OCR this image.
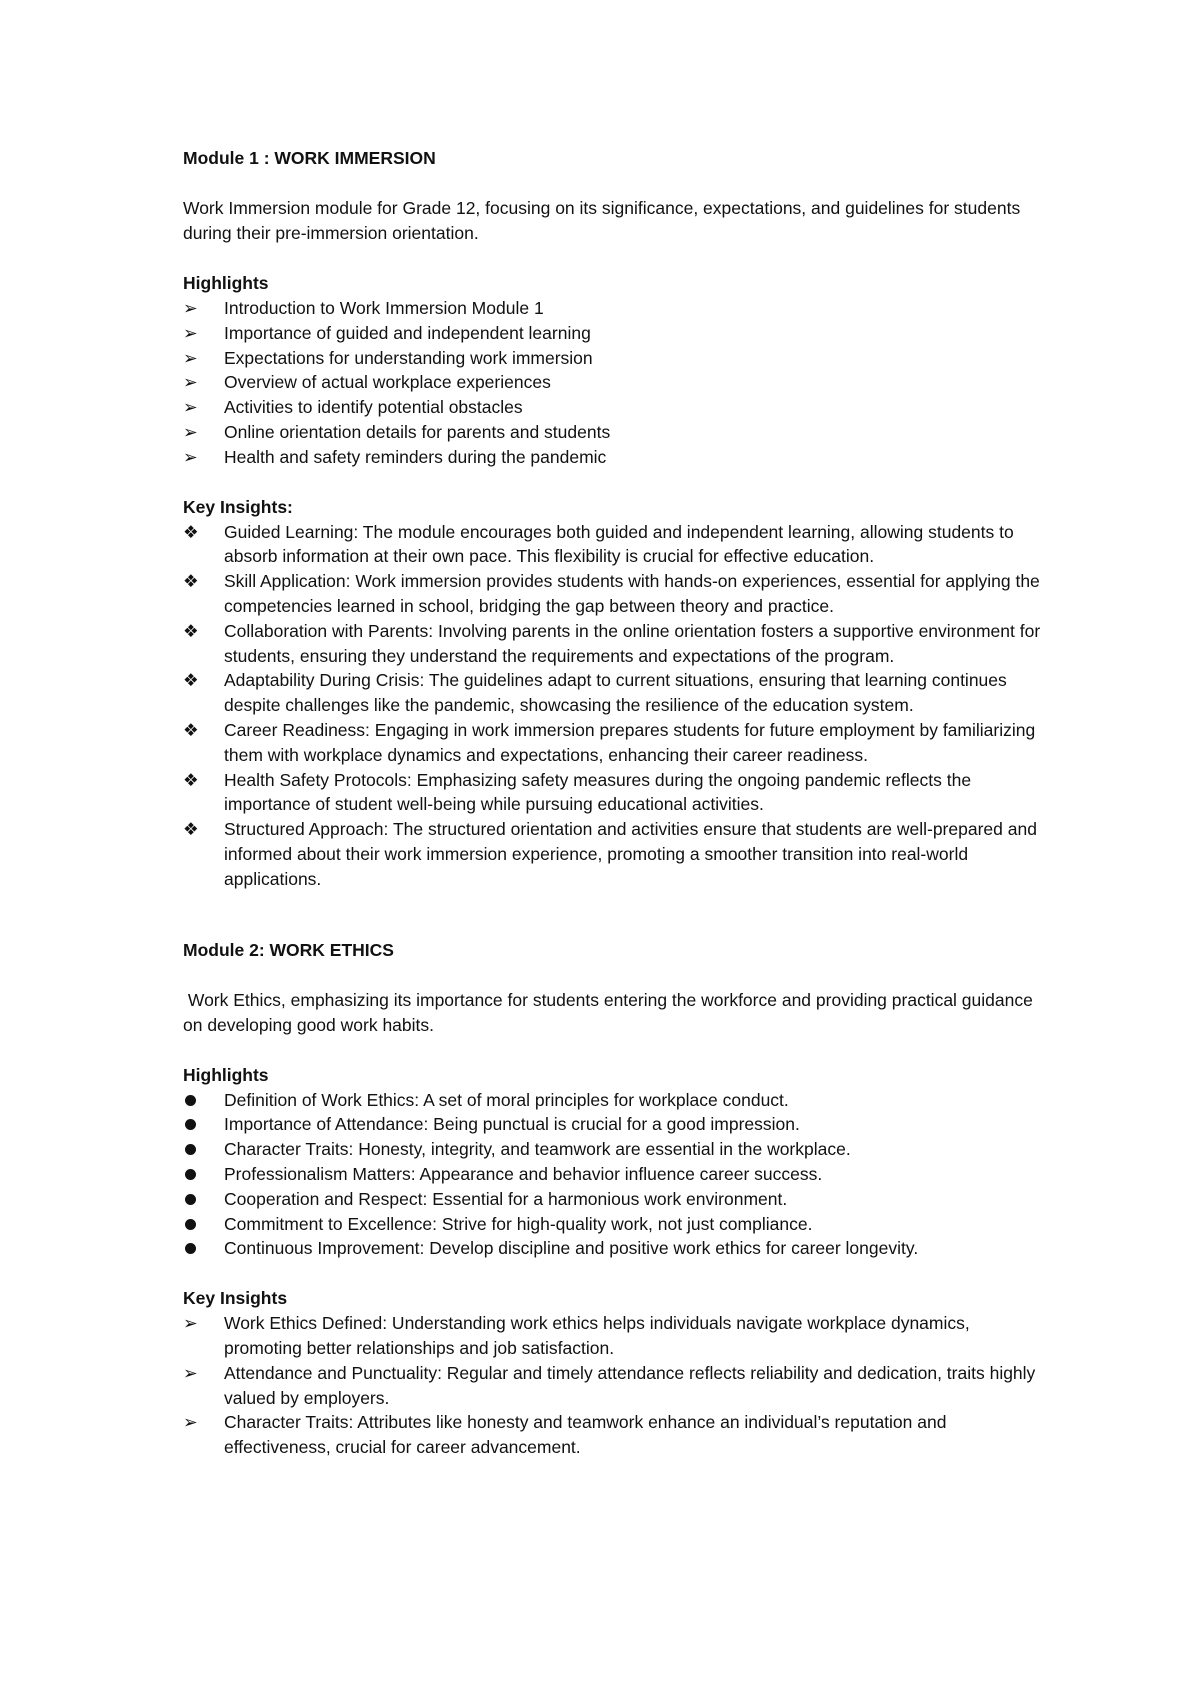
Module 1 : WORK IMMERSION

Work Immersion module for Grade 12, focusing on its significance, expectations, and guidelines for students during their pre-immersion orientation.

Highlights

➢	Introduction to Work Immersion Module 1
➢	Importance of guided and independent learning
➢	Expectations for understanding work immersion
➢	Overview of actual workplace experiences
➢	Activities to identify potential obstacles
➢	Online orientation details for parents and students
➢	Health and safety reminders during the pandemic

Key Insights:

❖	Guided Learning: The module encourages both guided and independent learning, allowing students to absorb information at their own pace. This flexibility is crucial for effective education.
❖	Skill Application: Work immersion provides students with hands-on experiences, essential for applying the competencies learned in school, bridging the gap between theory and practice.
❖	Collaboration with Parents: Involving parents in the online orientation fosters a supportive environment for students, ensuring they understand the requirements and expectations of the program.
❖	Adaptability During Crisis: The guidelines adapt to current situations, ensuring that learning continues despite challenges like the pandemic, showcasing the resilience of the education system.
❖	Career Readiness: Engaging in work immersion prepares students for future employment by familiarizing them with workplace dynamics and expectations, enhancing their career readiness.
❖	Health Safety Protocols: Emphasizing safety measures during the ongoing pandemic reflects the importance of student well-being while pursuing educational activities.
❖	Structured Approach: The structured orientation and activities ensure that students are well-prepared and informed about their work immersion experience, promoting a smoother transition into real-world applications.

Module 2: WORK ETHICS

Work Ethics, emphasizing its importance for students entering the workforce and providing practical guidance on developing good work habits.

Highlights

Definition of Work Ethics: A set of moral principles for workplace conduct.
Importance of Attendance: Being punctual is crucial for a good impression.
Character Traits: Honesty, integrity, and teamwork are essential in the workplace.
Professionalism Matters: Appearance and behavior influence career success.
Cooperation and Respect: Essential for a harmonious work environment.
Commitment to Excellence: Strive for high-quality work, not just compliance.
Continuous Improvement: Develop discipline and positive work ethics for career longevity.

Key Insights

➢	Work Ethics Defined: Understanding work ethics helps individuals navigate workplace dynamics, promoting better relationships and job satisfaction.
➢	Attendance and Punctuality: Regular and timely attendance reflects reliability and dedication, traits highly valued by employers.
➢	Character Traits: Attributes like honesty and teamwork enhance an individual’s reputation and effectiveness, crucial for career advancement.
